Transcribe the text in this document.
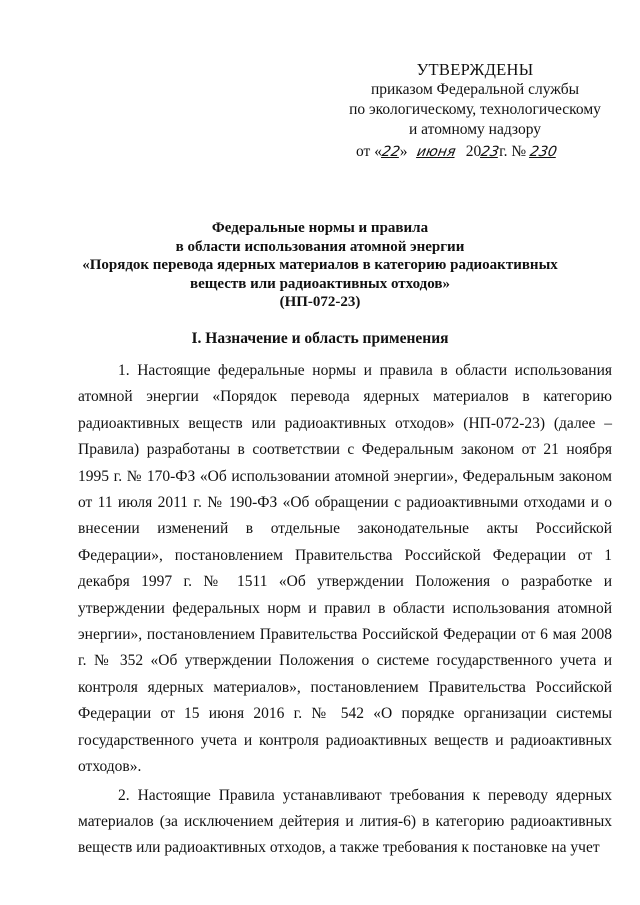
УТВЕРЖДЕНЫ
приказом Федеральной службы
по экологическому, технологическому
и атомному надзору
от «22» июня 2023г. № 230
Федеральные нормы и правила
в области использования атомной энергии
«Порядок перевода ядерных материалов в категорию радиоактивных
веществ или радиоактивных отходов»
(НП-072-23)
I. Назначение и область применения

1. Настоящие федеральные нормы и правила в области использования атомной энергии «Порядок перевода ядерных материалов в категорию радиоактивных веществ или радиоактивных отходов» (НП-072-23) (далее – Правила) разработаны в соответствии с Федеральным законом от 21 ноября 1995 г. № 170-ФЗ «Об использовании атомной энергии», Федеральным законом от 11 июля 2011 г. № 190-ФЗ «Об обращении с радиоактивными отходами и о внесении изменений в отдельные законодательные акты Российской Федерации», постановлением Правительства Российской Федерации от 1 декабря 1997 г. № 1511 «Об утверждении Положения о разработке и утверждении федеральных норм и правил в области использования атомной энергии», постановлением Правительства Российской Федерации от 6 мая 2008 г. № 352 «Об утверждении Положения о системе государственного учета и контроля ядерных материалов», постановлением Правительства Российской Федерации от 15 июня 2016 г. № 542 «О порядке организации системы государственного учета и контроля радиоактивных веществ и радиоактивных отходов».

2. Настоящие Правила устанавливают требования к переводу ядерных материалов (за исключением дейтерия и лития-6) в категорию радиоактивных веществ или радиоактивных отходов, а также требования к постановке на учет
